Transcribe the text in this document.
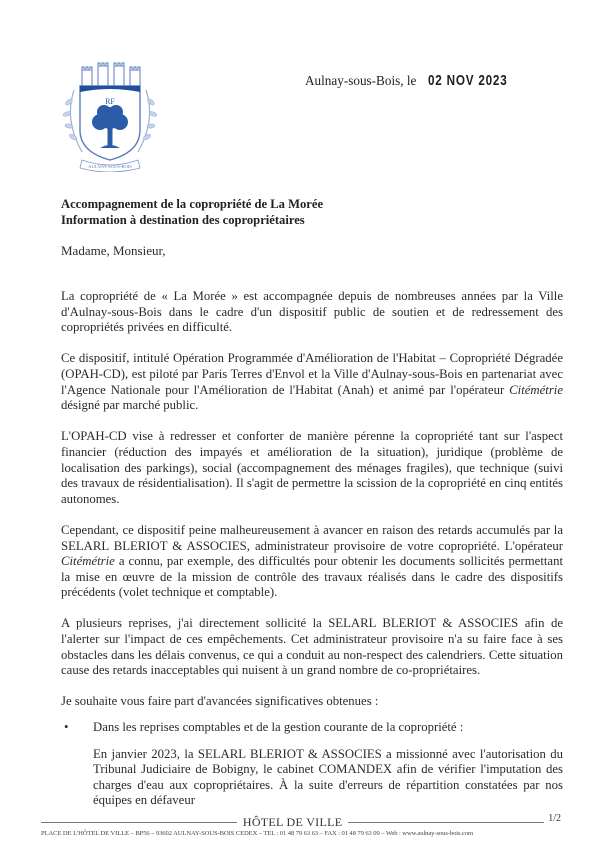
RF
AULNAY-SOUS-BOIS
Aulnay-sous-Bois, le 02 NOV 2023
Accompagnement de la copropriété de La Morée
Information à destination des copropriétaires
Madame, Monsieur,

La copropriété de « La Morée » est accompagnée depuis de nombreuses années par la Ville d'Aulnay-sous-Bois dans le cadre d'un dispositif public de soutien et de redressement des copropriétés privées en difficulté.

Ce dispositif, intitulé Opération Programmée d'Amélioration de l'Habitat – Copropriété Dégradée (OPAH-CD), est piloté par Paris Terres d'Envol et la Ville d'Aulnay-sous-Bois en partenariat avec l'Agence Nationale pour l'Amélioration de l'Habitat (Anah) et animé par l'opérateur Citémétrie désigné par marché public.

L'OPAH-CD vise à redresser et conforter de manière pérenne la copropriété tant sur l'aspect financier (réduction des impayés et amélioration de la situation), juridique (problème de localisation des parkings), social (accompagnement des ménages fragiles), que technique (suivi des travaux de résidentialisation). Il s'agit de permettre la scission de la copropriété en cinq entités autonomes.

Cependant, ce dispositif peine malheureusement à avancer en raison des retards accumulés par la SELARL BLERIOT & ASSOCIES, administrateur provisoire de votre copropriété. L'opérateur Citémétrie a connu, par exemple, des difficultés pour obtenir les documents sollicités permettant la mise en œuvre de la mission de contrôle des travaux réalisés dans le cadre des dispositifs précédents (volet technique et comptable).

A plusieurs reprises, j'ai directement sollicité la SELARL BLERIOT & ASSOCIES afin de l'alerter sur l'impact de ces empêchements. Cet administrateur provisoire n'a su faire face à ses obstacles dans les délais convenus, ce qui a conduit au non-respect des calendriers. Cette situation cause des retards inacceptables qui nuisent à un grand nombre de co-propriétaires.

Je souhaite vous faire part d'avancées significatives obtenues :

•	Dans les reprises comptables et de la gestion courante de la copropriété :

En janvier 2023, la SELARL BLERIOT & ASSOCIES a missionné avec l'autorisation du Tribunal Judiciaire de Bobigny, le cabinet COMANDEX afin de vérifier l'imputation des charges d'eau aux copropriétaires. À la suite d'erreurs de répartition constatées par nos équipes en défaveur

HÔTEL DE VILLE	1/2
PLACE DE L'HÔTEL DE VILLE – BP56 – 93602 AULNAY-SOUS-BOIS CEDEX – TEL : 01 48 79 63 63 – FAX : 01 48 79 63 09 – Web : www.aulnay-sous-bois.com
